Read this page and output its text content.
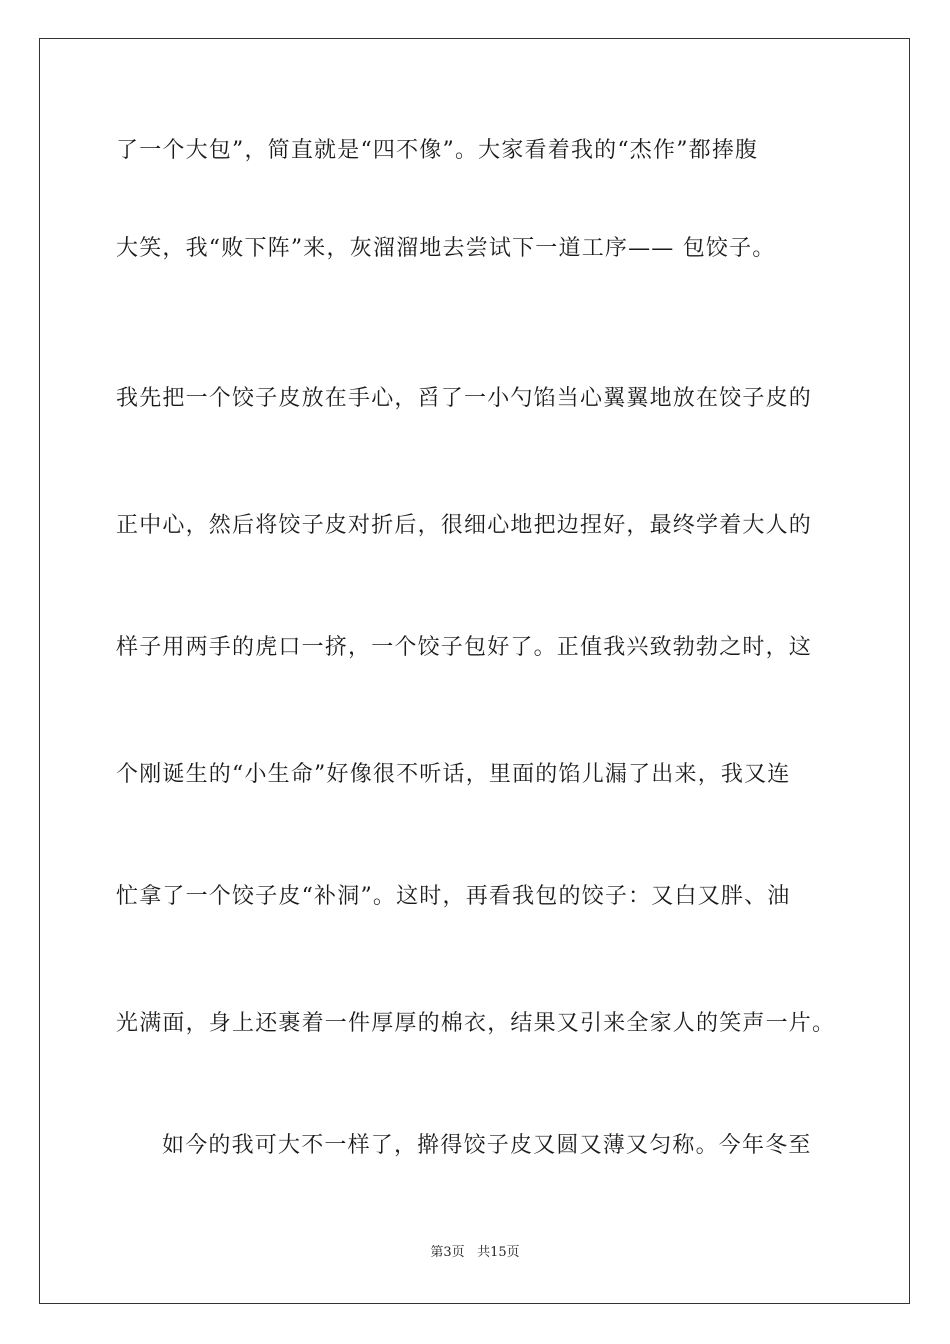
了一个大包”，简直就是“四不像”。大家看着我的“杰作”都捧腹
大笑，我“败下阵”来，灰溜溜地去尝试下一道工序—— 包饺子。
我先把一个饺子皮放在手心，舀了一小勺馅当心翼翼地放在饺子皮的
正中心，然后将饺子皮对折后，很细心地把边捏好，最终学着大人的
样子用两手的虎口一挤，一个饺子包好了。正值我兴致勃勃之时，这
个刚诞生的“小生命”好像很不听话，里面的馅儿漏了出来，我又连
忙拿了一个饺子皮“补洞”。这时，再看我包的饺子：又白又胖、油
光满面，身上还裹着一件厚厚的棉衣，结果又引来全家人的笑声一片。
如今的我可大不一样了，擀得饺子皮又圆又薄又匀称。今年冬至
第3页 共15页
